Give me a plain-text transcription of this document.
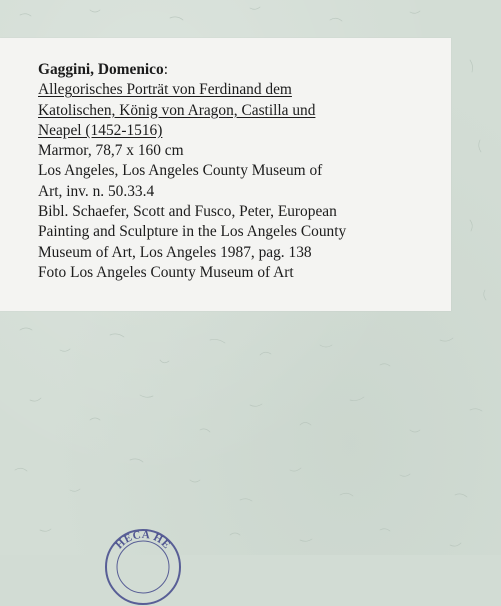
Gaggini, Domenico:
Allegorisches Porträt von Ferdinand dem
Katolischen, König von Aragon, Castilla und
Neapel (1452-1516)
Marmor, 78,7 x 160 cm
Los Angeles, Los Angeles County Museum of
Art, inv. n. 50.33.4
Bibl. Schaefer, Scott and Fusco, Peter, European
Painting and Sculpture in the Los Angeles County
Museum of Art, Los Angeles 1987, pag. 138
Foto Los Angeles County Museum of Art
HECA HE
